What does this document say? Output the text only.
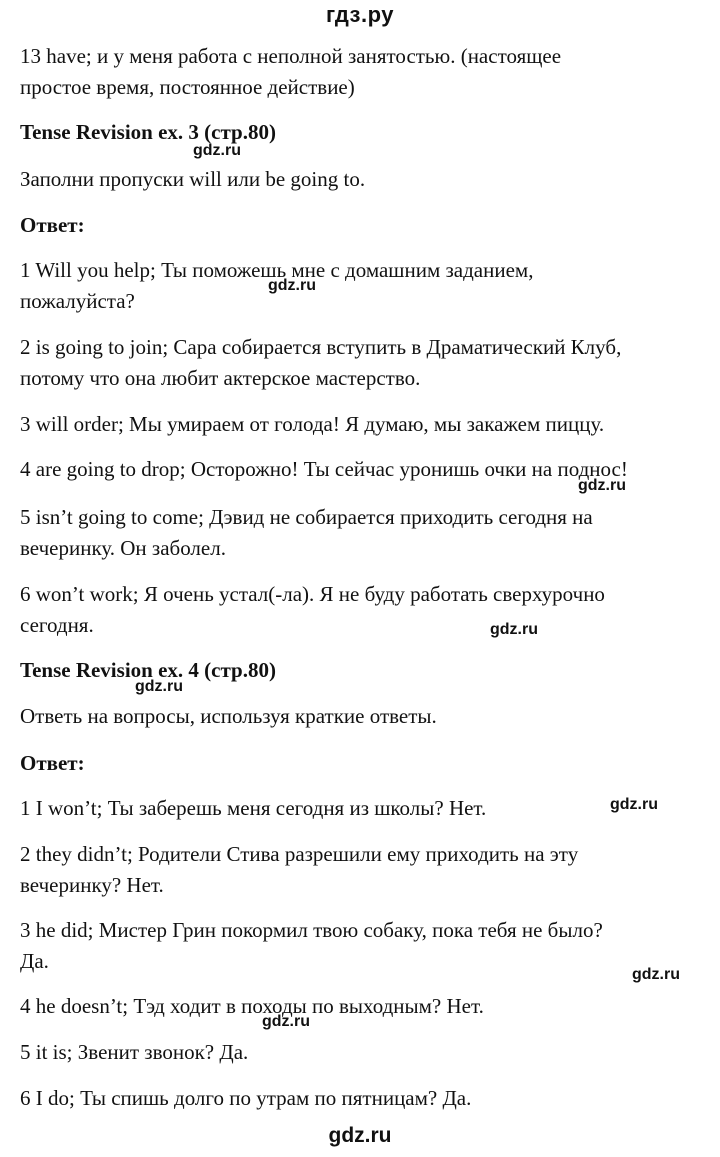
гдз.ру
13 have; и у меня работа с неполной занятостью. (настоящее
простое время, постоянное действие)
Tense Revision ex. 3 (стр.80)
Заполни пропуски will или be going to.
Ответ:
1 Will you help; Ты поможешь мне с домашним заданием,
пожалуйста?
2 is going to join; Сара собирается вступить в Драматический Клуб,
потому что она любит актерское мастерство.
3 will order; Мы умираем от голода! Я думаю, мы закажем пиццу.
4 are going to drop; Осторожно! Ты сейчас уронишь очки на поднос!
5 isn’t going to come; Дэвид не собирается приходить сегодня на
вечеринку. Он заболел.
6 won’t work; Я очень устал(-ла). Я не буду работать сверхурочно
сегодня.
Tense Revision ex. 4 (стр.80)
Ответь на вопросы, используя краткие ответы.
Ответ:
1 I won’t; Ты заберешь меня сегодня из школы? Нет.
2 they didn’t; Родители Стива разрешили ему приходить на эту
вечеринку? Нет.
3 he did; Мистер Грин покормил твою собаку, пока тебя не было?
Да.
4 he doesn’t; Тэд ходит в походы по выходным? Нет.
5 it is; Звенит звонок? Да.
6 I do; Ты спишь долго по утрам по пятницам? Да.
gdz.ru
gdz.ru
gdz.ru
gdz.ru
gdz.ru
gdz.ru
gdz.ru
gdz.ru
gdz.ru
